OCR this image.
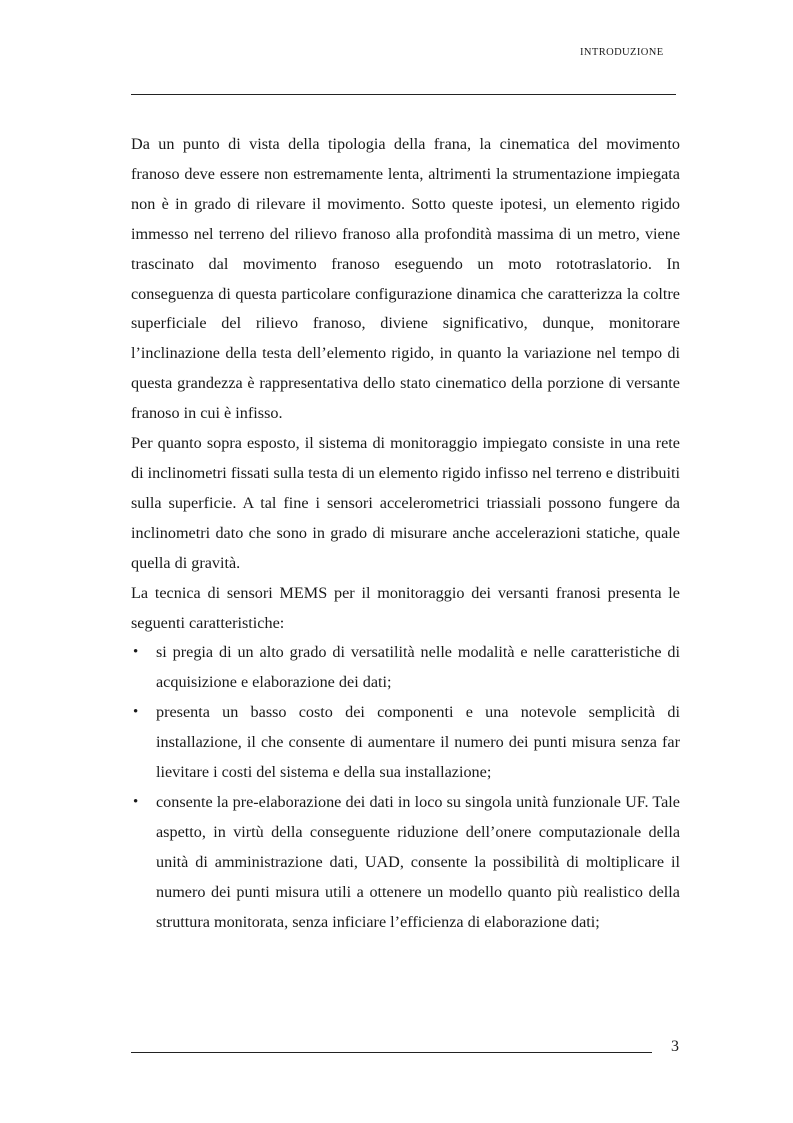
INTRODUZIONE

Da un punto di vista della tipologia della frana, la cinematica del movimento franoso deve essere non estremamente lenta, altrimenti la strumentazione impiegata non è in grado di rilevare il movimento. Sotto queste ipotesi, un elemento rigido immesso nel terreno del rilievo franoso alla profondità massima di un metro, viene trascinato dal movimento franoso eseguendo un moto rototraslatorio. In conseguenza di questa particolare configurazione dinamica che caratterizza la coltre superficiale del rilievo franoso, diviene significativo, dunque, monitorare l’inclinazione della testa dell’elemento rigido, in quanto la variazione nel tempo di questa grandezza è rappresentativa dello stato cinematico della porzione di versante franoso in cui è infisso.

Per quanto sopra esposto, il sistema di monitoraggio impiegato consiste in una rete di inclinometri fissati sulla testa di un elemento rigido infisso nel terreno e distribuiti sulla superficie. A tal fine i sensori accelerometrici triassiali possono fungere da inclinometri dato che sono in grado di misurare anche accelerazioni statiche, quale quella di gravità.

La tecnica di sensori MEMS per il monitoraggio dei versanti franosi presenta le seguenti caratteristiche:

• si pregia di un alto grado di versatilità nelle modalità e nelle caratteristiche di acquisizione e elaborazione dei dati;
• presenta un basso costo dei componenti e una notevole semplicità di installazione, il che consente di aumentare il numero dei punti misura senza far lievitare i costi del sistema e della sua installazione;
• consente la pre-elaborazione dei dati in loco su singola unità funzionale UF. Tale aspetto, in virtù della conseguente riduzione dell’onere computazionale della unità di amministrazione dati, UAD, consente la possibilità di moltiplicare il numero dei punti misura utili a ottenere un modello quanto più realistico della struttura monitorata, senza inficiare l’efficienza di elaborazione dati;
3
